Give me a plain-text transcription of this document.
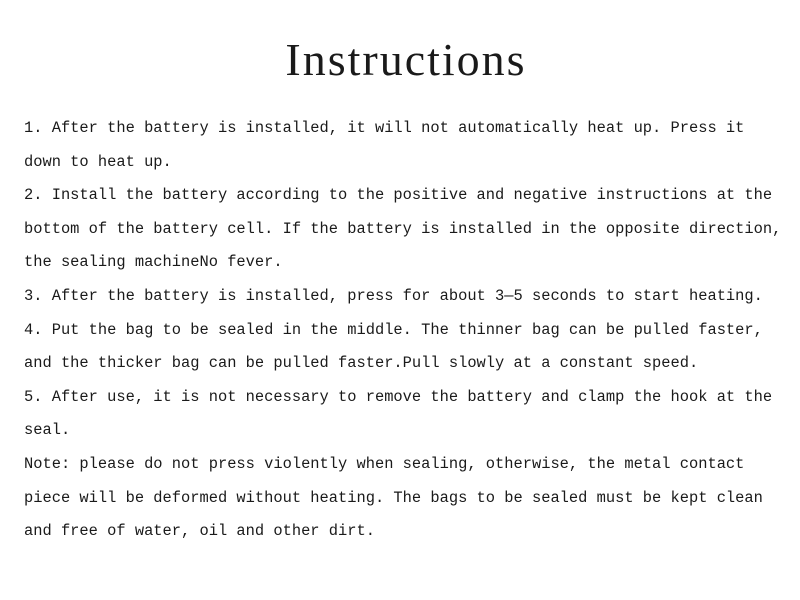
Instructions

1. After the battery is installed, it will not automatically heat up. Press it down to heat up.

2. Install the battery according to the positive and negative instructions at the bottom of the battery cell. If the battery is installed in the opposite direction, the sealing machineNo fever.

3. After the battery is installed, press for about 3—5 seconds to start heating.

4. Put the bag to be sealed in the middle. The thinner bag can be pulled faster, and the thicker bag can be pulled faster.Pull slowly at a constant speed.

5. After use, it is not necessary to remove the battery and clamp the hook at the seal.

Note: please do not press violently when sealing, otherwise, the metal contact piece will be deformed without heating. The bags to be sealed must be kept clean and free of water, oil and other dirt.
